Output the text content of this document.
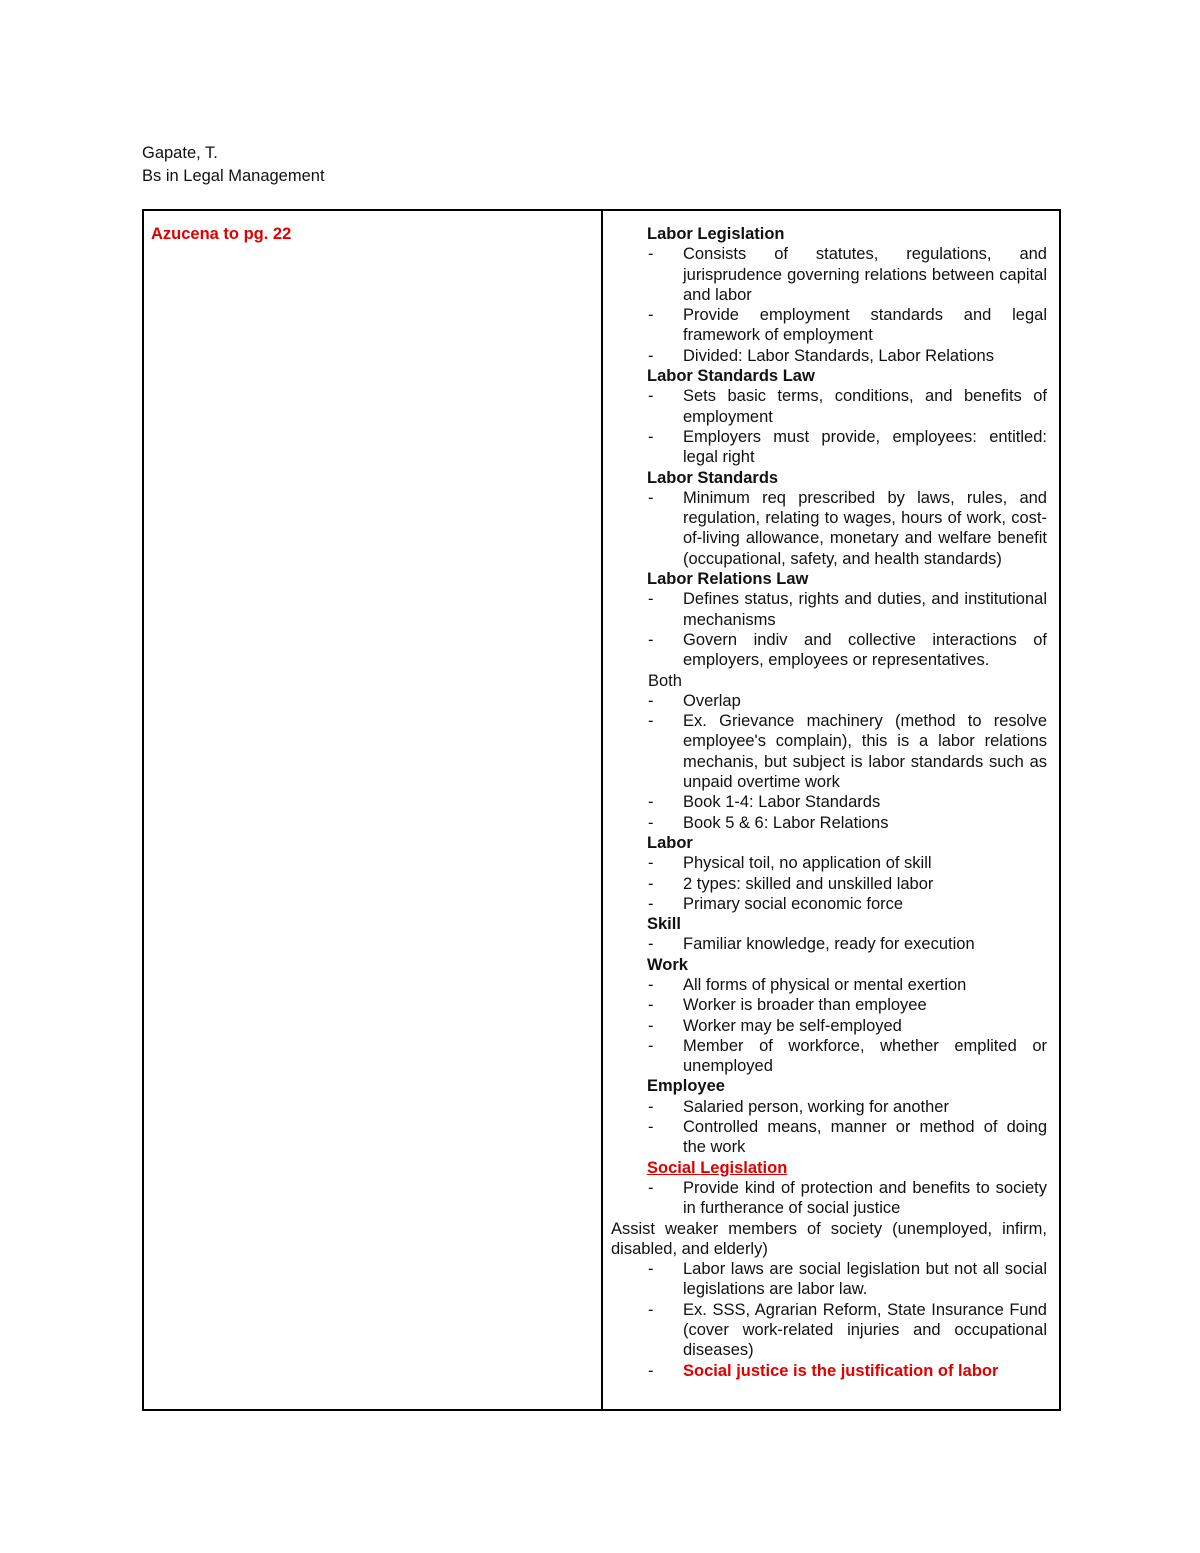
Gapate, T.
Bs in Legal Management
Azucena to pg. 22	Labor Legislation
- Consists of statutes, regulations, and jurisprudence governing relations between capital and labor
- Provide employment standards and legal framework of employment
- Divided: Labor Standards, Labor Relations
Labor Standards Law
- Sets basic terms, conditions, and benefits of employment
- Employers must provide, employees: entitled: legal right
Labor Standards
- Minimum req prescribed by laws, rules, and regulation, relating to wages, hours of work, cost-of-living allowance, monetary and welfare benefit (occupational, safety, and health standards)
Labor Relations Law
- Defines status, rights and duties, and institutional mechanisms
- Govern indiv and collective interactions of employers, employees or representatives.
Both
- Overlap
- Ex. Grievance machinery (method to resolve employee's complain), this is a labor relations mechanis, but subject is labor standards such as unpaid overtime work
- Book 1-4: Labor Standards
- Book 5 & 6: Labor Relations
Labor
- Physical toil, no application of skill
- 2 types: skilled and unskilled labor
- Primary social economic force
Skill
- Familiar knowledge, ready for execution
Work
- All forms of physical or mental exertion
- Worker is broader than employee
- Worker may be self-employed
- Member of workforce, whether emplited or unemployed
Employee
- Salaried person, working for another
- Controlled means, manner or method of doing the work
Social Legislation
- Provide kind of protection and benefits to society in furtherance of social justice
Assist weaker members of society (unemployed, infirm, disabled, and elderly)
- Labor laws are social legislation but not all social legislations are labor law.
- Ex. SSS, Agrarian Reform, State Insurance Fund (cover work-related injuries and occupational diseases)
- Social justice is the justification of labor
